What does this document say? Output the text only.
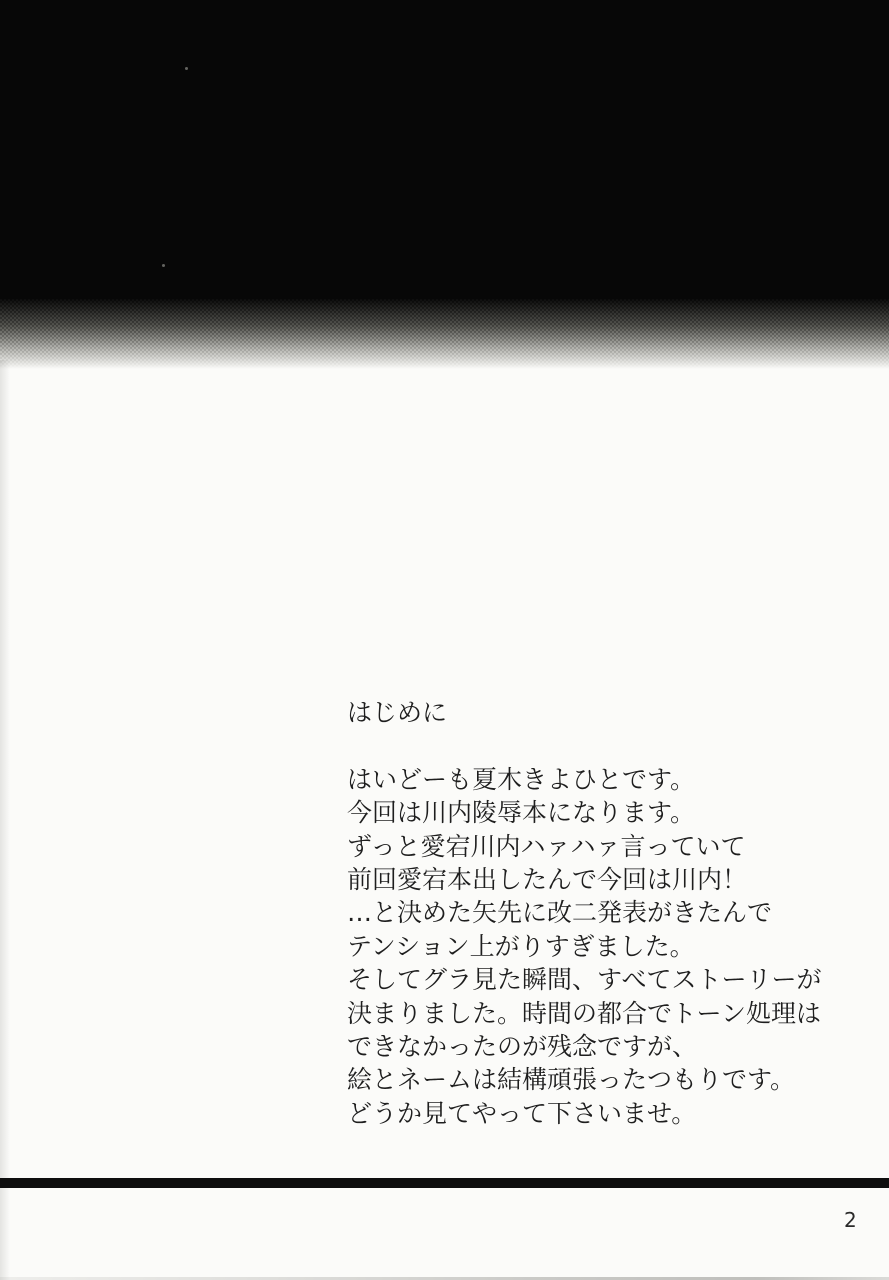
はじめに
はいどーも夏木きよひとです。
今回は川内陵辱本になります。
ずっと愛宕川内ハァハァ言っていて
前回愛宕本出したんで今回は川内！
…と決めた矢先に改二発表がきたんで
テンション上がりすぎました。
そしてグラ見た瞬間、すべてストーリーが
決まりました。時間の都合でトーン処理は
できなかったのが残念ですが、
絵とネームは結構頑張ったつもりです。
どうか見てやって下さいませ。
2
